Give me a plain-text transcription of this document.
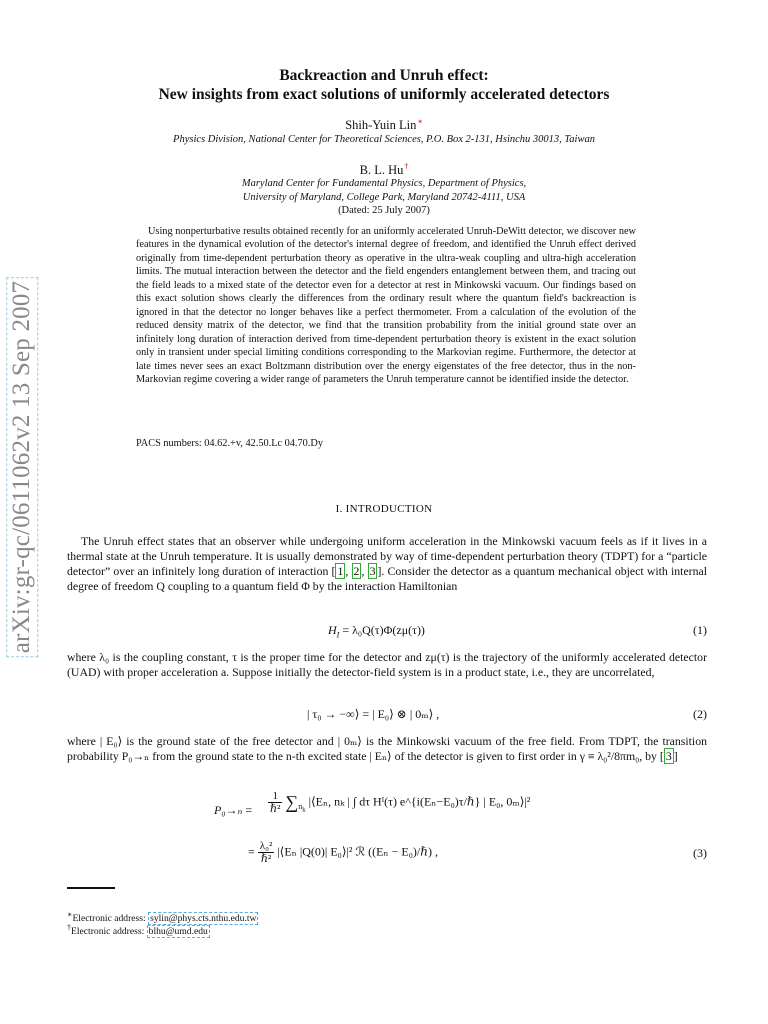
arXiv:gr-qc/0611062v2 13 Sep 2007
Backreaction and Unruh effect:
New insights from exact solutions of uniformly accelerated detectors
Shih-Yuin Lin∗
Physics Division, National Center for Theoretical Sciences, P.O. Box 2-131, Hsinchu 30013, Taiwan
B. L. Hu†
Maryland Center for Fundamental Physics, Department of Physics,
University of Maryland, College Park, Maryland 20742-4111, USA
(Dated: 25 July 2007)
Using nonperturbative results obtained recently for an uniformly accelerated Unruh-DeWitt detector, we discover new features in the dynamical evolution of the detector's internal degree of freedom, and identified the Unruh effect derived originally from time-dependent perturbation theory as operative in the ultra-weak coupling and ultra-high acceleration limits. The mutual interaction between the detector and the field engenders entanglement between them, and tracing out the field leads to a mixed state of the detector even for a detector at rest in Minkowski vacuum. Our findings based on this exact solution shows clearly the differences from the ordinary result where the quantum field's backreaction is ignored in that the detector no longer behaves like a perfect thermometer. From a calculation of the evolution of the reduced density matrix of the detector, we find that the transition probability from the initial ground state over an infinitely long duration of interaction derived from time-dependent perturbation theory is existent in the exact solution only in transient under special limiting conditions corresponding to the Markovian regime. Furthermore, the detector at late times never sees an exact Boltzmann distribution over the energy eigenstates of the free detector, thus in the non-Markovian regime covering a wider range of parameters the Unruh temperature cannot be identified inside the detector.
PACS numbers: 04.62.+v, 42.50.Lc 04.70.Dy
I. INTRODUCTION
The Unruh effect states that an observer while undergoing uniform acceleration in the Minkowski vacuum feels as if it lives in a thermal state at the Unruh temperature. It is usually demonstrated by way of time-dependent perturbation theory (TDPT) for a “particle detector” over an infinitely long duration of interaction [ 1 , 2 , 3 ]. Consider the detector as a quantum mechanical object with internal degree of freedom Q coupling to a quantum field Φ by the interaction Hamiltonian
$H_I = \lambda_0Q(\tau)\Phi(z\mu(\tau))$	(1)
where λ₀ is the coupling constant, τ is the proper time for the detector and zμ(τ) is the trajectory of the uniformly accelerated detector (UAD) with proper acceleration a. Suppose initially the detector-field system is in a product state, i.e., they are uncorrelated,
| τ₀ → −∞⟩ = | E₀⟩ ⊗ | 0ₘ⟩ ,	(2)
where | E₀⟩ is the ground state of the free detector and | 0ₘ⟩ is the Minkowski vacuum of the free field. From TDPT, the transition probability P₀→ₙ from the ground state to the n-th excited state | Eₙ⟩ of the detector is given to first order in γ ≡ λ₀²/8πm₀, by [ 3 ]
$P_0\to_n = \frac{1}{\text{ℏ²}} \sum_{n_k}$ |⟨Eₙ, nₖ | ∫ dτ Hᴵ(τ) e^{i(Eₙ−E₀)τ/ℏ} | E₀, 0ₘ⟩|²
= $\frac{\text{λ₀²}}{\text{ℏ²}}$ |⟨Eₙ |Q(0)| E₀⟩|² ℛ ((Eₙ − E₀)/ℏ) ,	(3)
∗Electronic address: sylin@phys.cts.nthu.edu.tw
†Electronic address: blhu@umd.edu
